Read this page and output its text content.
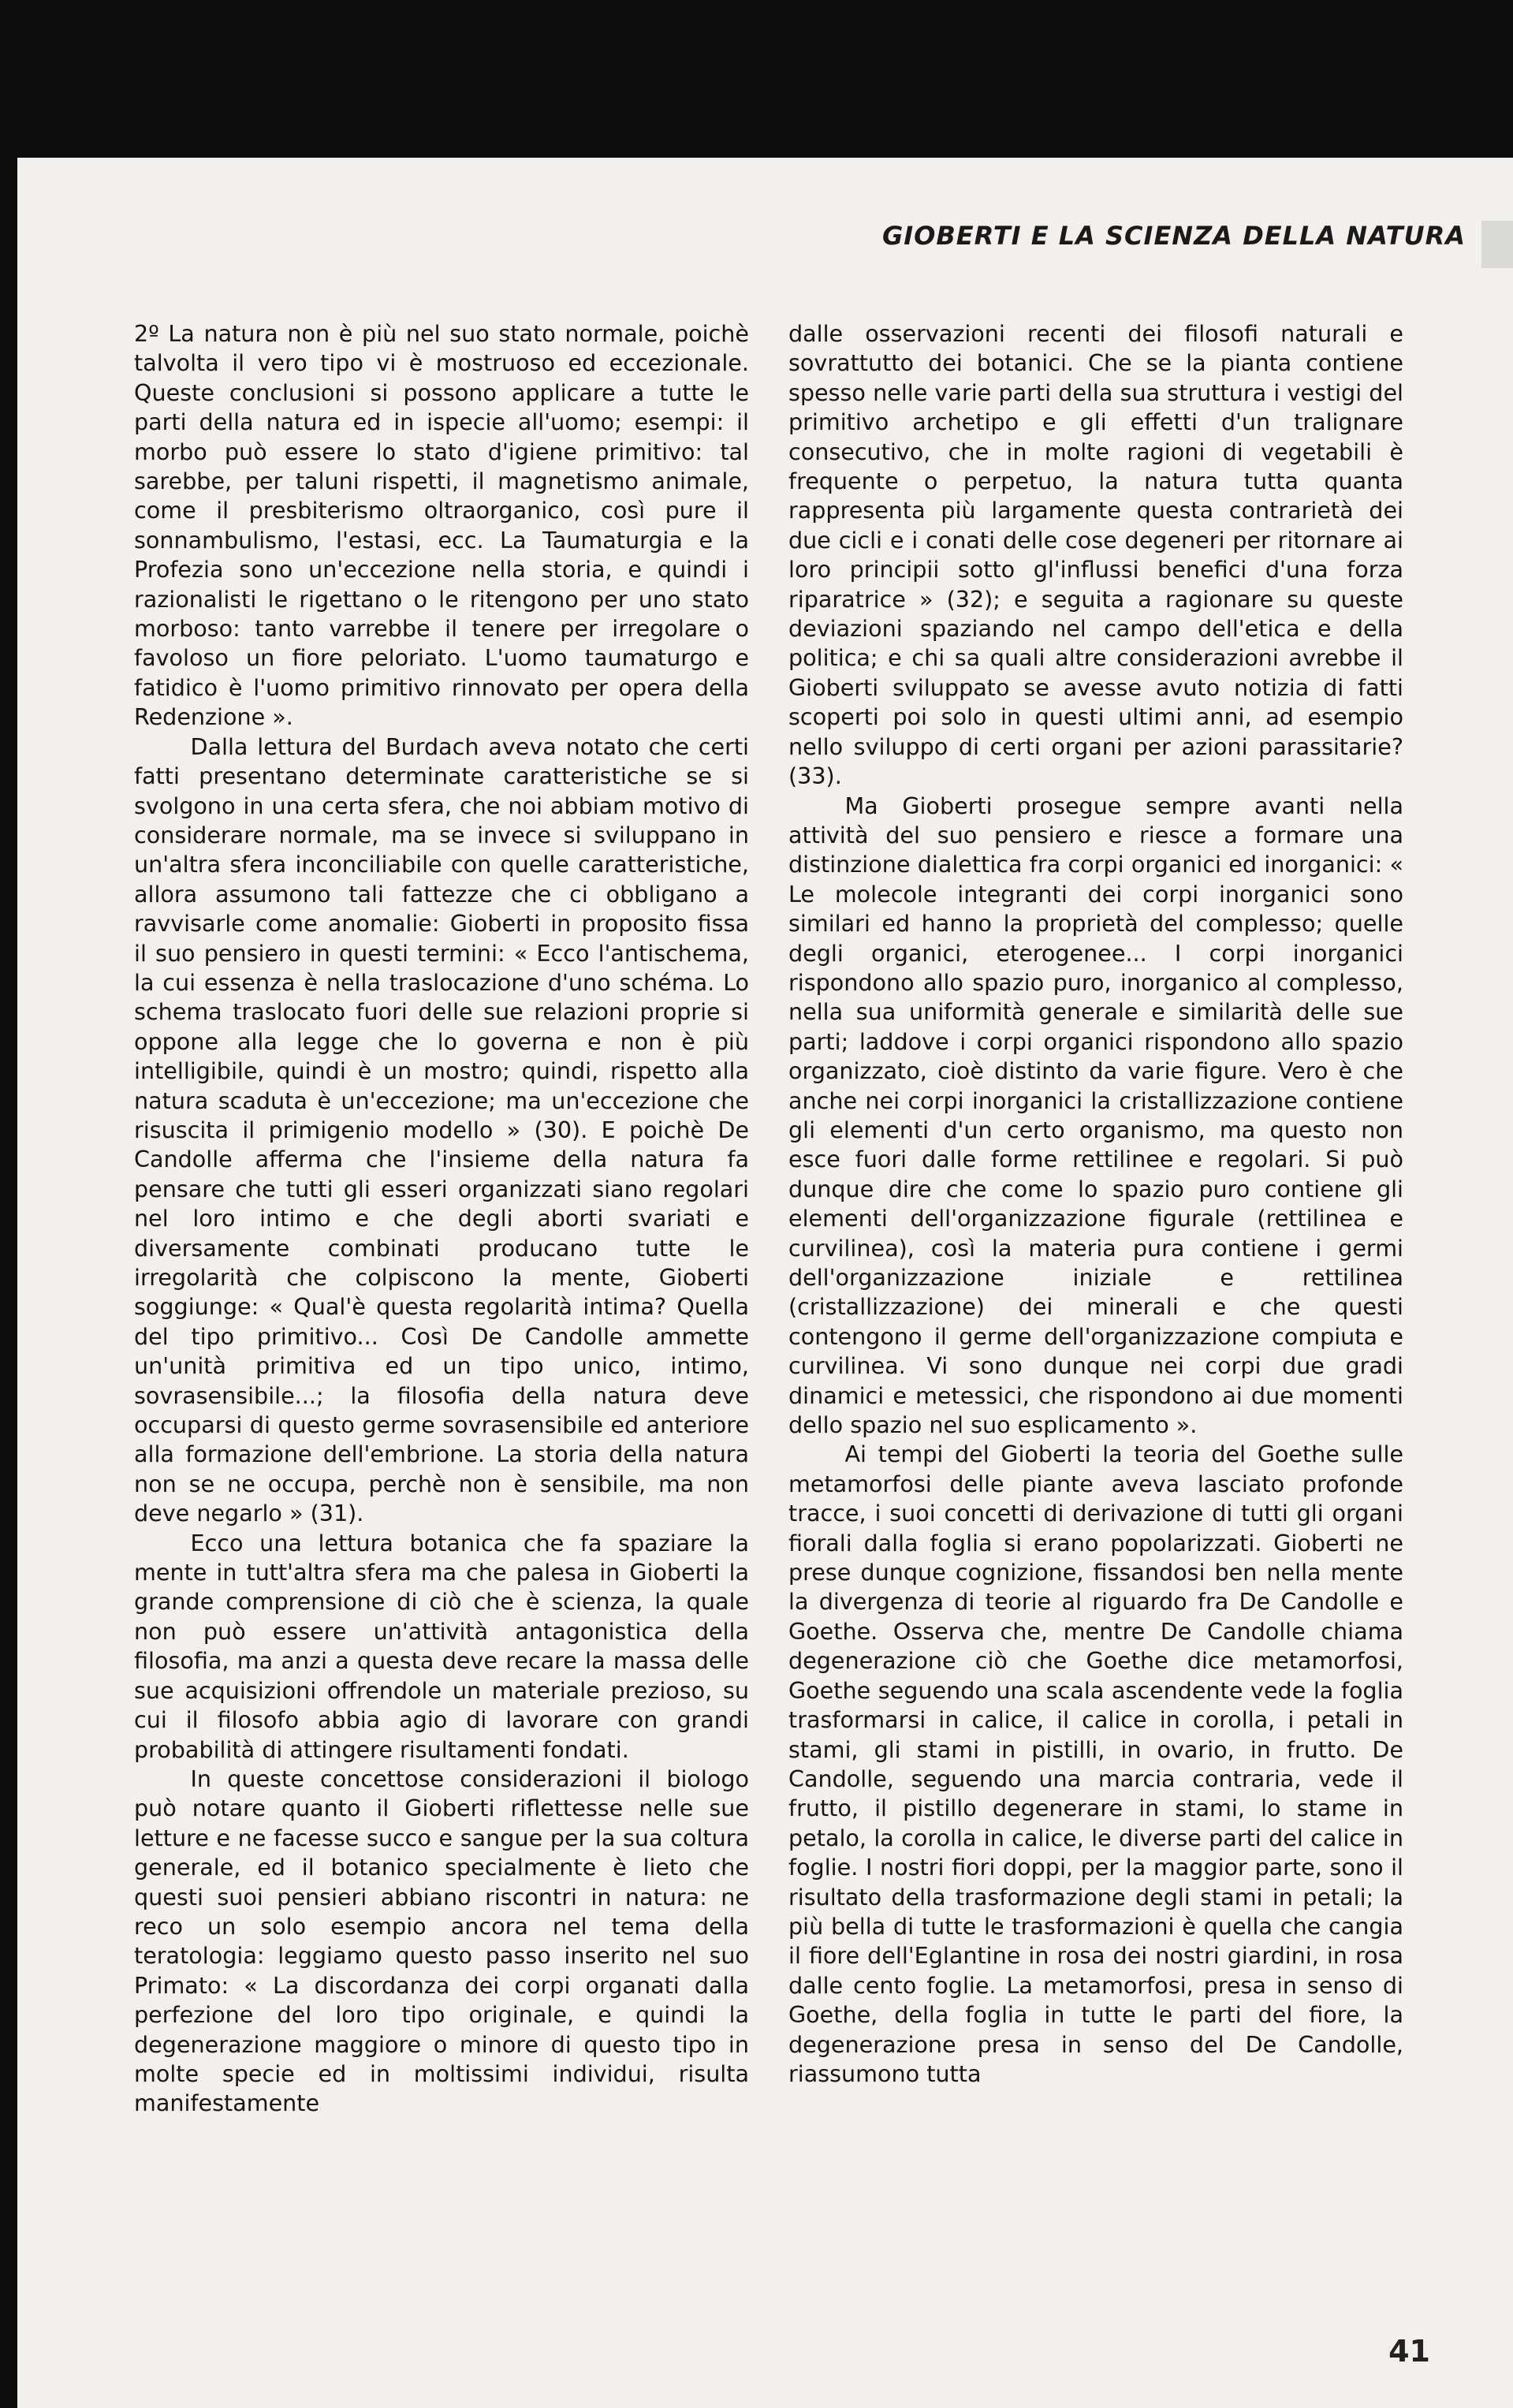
GIOBERTI E LA SCIENZA DELLA NATURA

2º La natura non è più nel suo stato normale, poichè talvolta il vero tipo vi è mostruoso ed eccezionale. Queste conclusioni si possono applicare a tutte le parti della natura ed in ispecie all'uomo; esempi: il morbo può essere lo stato d'igiene primitivo: tal sarebbe, per taluni rispetti, il magnetismo animale, come il presbiterismo oltraorganico, così pure il sonnambulismo, l'estasi, ecc. La Taumaturgia e la Profezia sono un'eccezione nella storia, e quindi i razionalisti le rigettano o le ritengono per uno stato morboso: tanto varrebbe il tenere per irregolare o favoloso un fiore peloriato. L'uomo taumaturgo e fatidico è l'uomo primitivo rinnovato per opera della Redenzione ».

Dalla lettura del Burdach aveva notato che certi fatti presentano determinate caratteristiche se si svolgono in una certa sfera, che noi abbiam motivo di considerare normale, ma se invece si sviluppano in un'altra sfera inconciliabile con quelle caratteristiche, allora assumono tali fattezze che ci obbligano a ravvisarle come anomalie: Gioberti in proposito fissa il suo pensiero in questi termini: « Ecco l'antischema, la cui essenza è nella traslocazione d'uno schéma. Lo schema traslocato fuori delle sue relazioni proprie si oppone alla legge che lo governa e non è più intelligibile, quindi è un mostro; quindi, rispetto alla natura scaduta è un'eccezione; ma un'eccezione che risuscita il primigenio modello » (30). E poichè De Candolle afferma che l'insieme della natura fa pensare che tutti gli esseri organizzati siano regolari nel loro intimo e che degli aborti svariati e diversamente combinati producano tutte le irregolarità che colpiscono la mente, Gioberti soggiunge: « Qual'è questa regolarità intima? Quella del tipo primitivo... Così De Candolle ammette un'unità primitiva ed un tipo unico, intimo, sovrasensibile...; la filosofia della natura deve occuparsi di questo germe sovrasensibile ed anteriore alla formazione dell'embrione. La storia della natura non se ne occupa, perchè non è sensibile, ma non deve negarlo » (31).

Ecco una lettura botanica che fa spaziare la mente in tutt'altra sfera ma che palesa in Gioberti la grande comprensione di ciò che è scienza, la quale non può essere un'attività antagonistica della filosofia, ma anzi a questa deve recare la massa delle sue acquisizioni offrendole un materiale prezioso, su cui il filosofo abbia agio di lavorare con grandi probabilità di attingere risultamenti fondati.

In queste concettose considerazioni il biologo può notare quanto il Gioberti riflettesse nelle sue letture e ne facesse succo e sangue per la sua coltura generale, ed il botanico specialmente è lieto che questi suoi pensieri abbiano riscontri in natura: ne reco un solo esempio ancora nel tema della teratologia: leggiamo questo passo inserito nel suo Primato: « La discordanza dei corpi organati dalla perfezione del loro tipo originale, e quindi la degenerazione maggiore o minore di questo tipo in molte specie ed in moltissimi individui, risulta manifestamente

dalle osservazioni recenti dei filosofi naturali e sovrattutto dei botanici. Che se la pianta contiene spesso nelle varie parti della sua struttura i vestigi del primitivo archetipo e gli effetti d'un tralignare consecutivo, che in molte ragioni di vegetabili è frequente o perpetuo, la natura tutta quanta rappresenta più largamente questa contrarietà dei due cicli e i conati delle cose degeneri per ritornare ai loro principii sotto gl'influssi benefici d'una forza riparatrice » (32); e seguita a ragionare su queste deviazioni spaziando nel campo dell'etica e della politica; e chi sa quali altre considerazioni avrebbe il Gioberti sviluppato se avesse avuto notizia di fatti scoperti poi solo in questi ultimi anni, ad esempio nello sviluppo di certi organi per azioni parassitarie? (33).

Ma Gioberti prosegue sempre avanti nella attività del suo pensiero e riesce a formare una distinzione dialettica fra corpi organici ed inorganici: « Le molecole integranti dei corpi inorganici sono similari ed hanno la proprietà del complesso; quelle degli organici, eterogenee... I corpi inorganici rispondono allo spazio puro, inorganico al complesso, nella sua uniformità generale e similarità delle sue parti; laddove i corpi organici rispondono allo spazio organizzato, cioè distinto da varie figure. Vero è che anche nei corpi inorganici la cristallizzazione contiene gli elementi d'un certo organismo, ma questo non esce fuori dalle forme rettilinee e regolari. Si può dunque dire che come lo spazio puro contiene gli elementi dell'organizzazione figurale (rettilinea e curvilinea), così la materia pura contiene i germi dell'organizzazione iniziale e rettilinea (cristallizzazione) dei minerali e che questi contengono il germe dell'organizzazione compiuta e curvilinea. Vi sono dunque nei corpi due gradi dinamici e metessici, che rispondono ai due momenti dello spazio nel suo esplicamento ».

Ai tempi del Gioberti la teoria del Goethe sulle metamorfosi delle piante aveva lasciato profonde tracce, i suoi concetti di derivazione di tutti gli organi fiorali dalla foglia si erano popolarizzati. Gioberti ne prese dunque cognizione, fissandosi ben nella mente la divergenza di teorie al riguardo fra De Candolle e Goethe. Osserva che, mentre De Candolle chiama degenerazione ciò che Goethe dice metamorfosi, Goethe seguendo una scala ascendente vede la foglia trasformarsi in calice, il calice in corolla, i petali in stami, gli stami in pistilli, in ovario, in frutto. De Candolle, seguendo una marcia contraria, vede il frutto, il pistillo degenerare in stami, lo stame in petalo, la corolla in calice, le diverse parti del calice in foglie. I nostri fiori doppi, per la maggior parte, sono il risultato della trasformazione degli stami in petali; la più bella di tutte le trasformazioni è quella che cangia il fiore dell'Eglantine in rosa dei nostri giardini, in rosa dalle cento foglie. La metamorfosi, presa in senso di Goethe, della foglia in tutte le parti del fiore, la degenerazione presa in senso del De Candolle, riassumono tutta

41
